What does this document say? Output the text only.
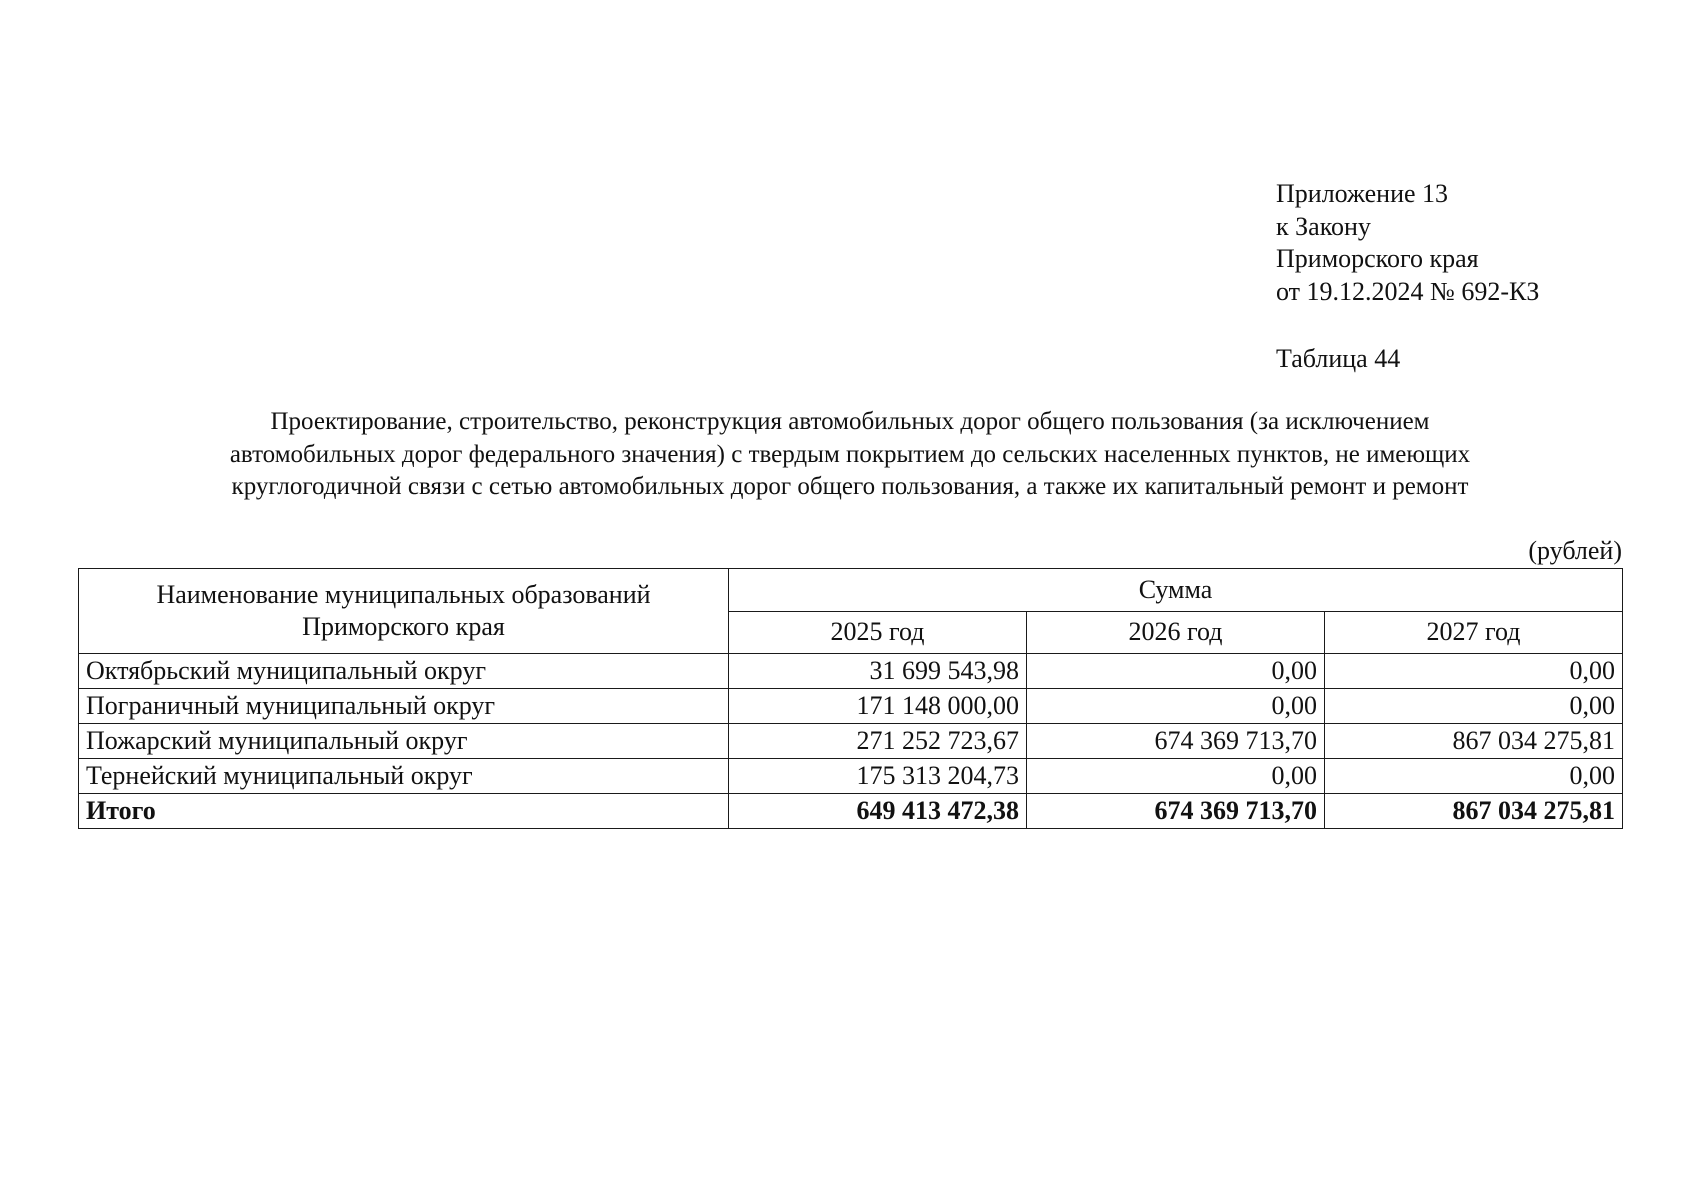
Приложение 13
к Закону
Приморского края
от 19.12.2024 № 692-КЗ
Таблица 44
Проектирование, строительство, реконструкция автомобильных дорог общего пользования (за исключением
автомобильных дорог федерального значения) с твердым покрытием до сельских населенных пунктов, не имеющих
круглогодичной связи с сетью автомобильных дорог общего пользования, а также их капитальный ремонт и ремонт
(рублей)
Наименование муниципальных образований
Приморского края	Сумма		
	2025 год	2026 год	2027 год
Октябрьский муниципальный округ	31 699 543,98	0,00	0,00
Пограничный муниципальный округ	171 148 000,00	0,00	0,00
Пожарский муниципальный округ	271 252 723,67	674 369 713,70	867 034 275,81
Тернейский муниципальный округ	175 313 204,73	0,00	0,00
Итого	649 413 472,38	674 369 713,70	867 034 275,81
